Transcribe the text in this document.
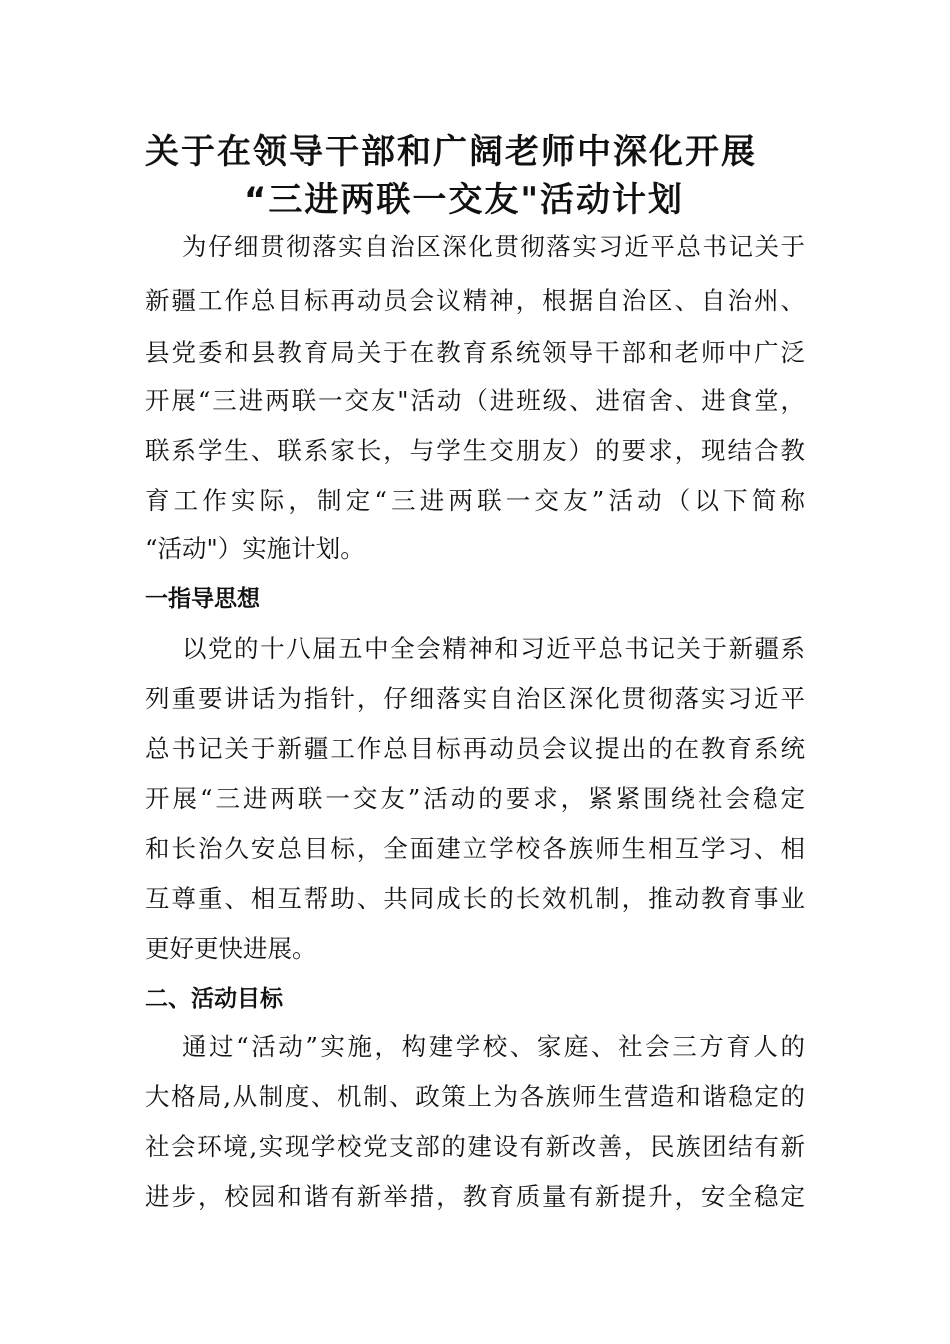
关于在领导干部和广阔老师中深化开展
“三进两联一交友"活动计划
为仔细贯彻落实自治区深化贯彻落实习近平总书记关于
新疆工作总目标再动员会议精神，根据自治区、自治州、
县党委和县教育局关于在教育系统领导干部和老师中广泛
开展“三进两联一交友"活动（进班级、进宿舍、进食堂，
联系学生、联系家长，与学生交朋友）的要求，现结合教
育工作实际，制定“三进两联一交友”活动（以下简称
“活动"）实施计划。
一指导思想
以党的十八届五中全会精神和习近平总书记关于新疆系
列重要讲话为指针，仔细落实自治区深化贯彻落实习近平
总书记关于新疆工作总目标再动员会议提出的在教育系统
开展“三进两联一交友”活动的要求，紧紧围绕社会稳定
和长治久安总目标，全面建立学校各族师生相互学习、相
互尊重、相互帮助、共同成长的长效机制，推动教育事业
更好更快进展。
二、活动目标
通过“活动”实施，构建学校、家庭、社会三方育人的
大格局,从制度、机制、政策上为各族师生营造和谐稳定的
社会环境,实现学校党支部的建设有新改善，民族团结有新
进步，校园和谐有新举措，教育质量有新提升，安全稳定
